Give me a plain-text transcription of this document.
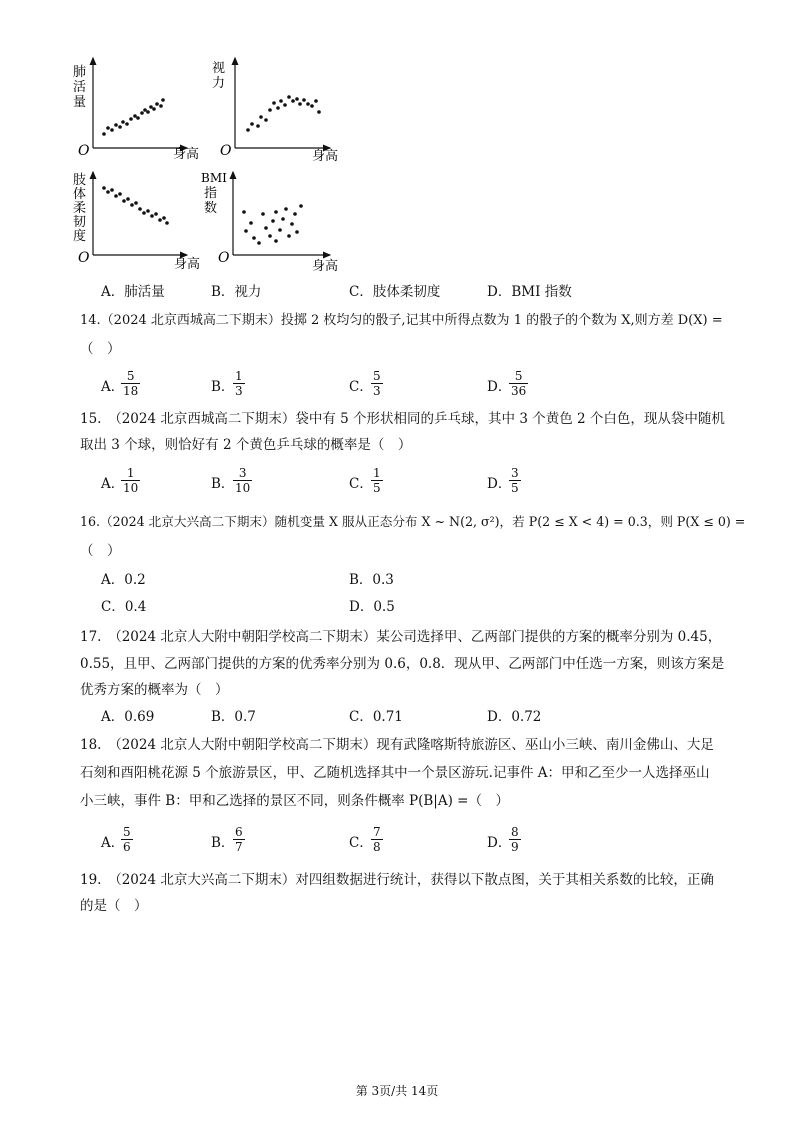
O
肺
活
量
身高 O
视
力
身高
O
肢
体
柔
韧
度
身高 O
BMI
指
数
身高
A．肺活量	B．视力	C．肢体柔韧度	D．BMI 指数
14.（2024 北京西城高二下期末）投掷 2 枚均匀的骰子,记其中所得点数为 1 的骰子的个数为 X,则方差 D(X) =
（　）
A．
5
18	B．
1
3	C．
5
3	D．
5
36
15.　（2024 北京西城高二下期末）袋中有 5 个形状相同的乒乓球，其中 3 个黄色 2 个白色，现从袋中随机
取出 3 个球，则恰好有 2 个黄色乒乓球的概率是（　）
A．
1
10	B．
3
10	C．
1
5	D．
3
5
16.（2024 北京大兴高二下期末）随机变量 X 服从正态分布 X ~ N(2, σ²)，若 P(2 ≤ X < 4) = 0.3，则 P(X ≤ 0) =
（　）
A．0.2	B．0.3
C．0.4	D．0.5
17.　（2024 北京人大附中朝阳学校高二下期末）某公司选择甲、乙两部门提供的方案的概率分别为 0.45，
0.55，且甲、乙两部门提供的方案的优秀率分别为 0.6，0.8．现从甲、乙两部门中任选一方案，则该方案是
优秀方案的概率为（　）
A．0.69	B．0.7	C．0.71	D．0.72
18.　（2024 北京人大附中朝阳学校高二下期末）现有武隆喀斯特旅游区、巫山小三峡、南川金佛山、大足
石刻和酉阳桃花源 5 个旅游景区，甲、乙随机选择其中一个景区游玩.记事件 A：甲和乙至少一人选择巫山
小三峡，事件 B：甲和乙选择的景区不同，则条件概率 P(B|A) =（　）
A．
5
6	B．
6
7	C．
7
8	D．
8
9
19.　（2024 北京大兴高二下期末）对四组数据进行统计，获得以下散点图，关于其相关系数的比较，正确
的是（　）
第 3页/共 14页
